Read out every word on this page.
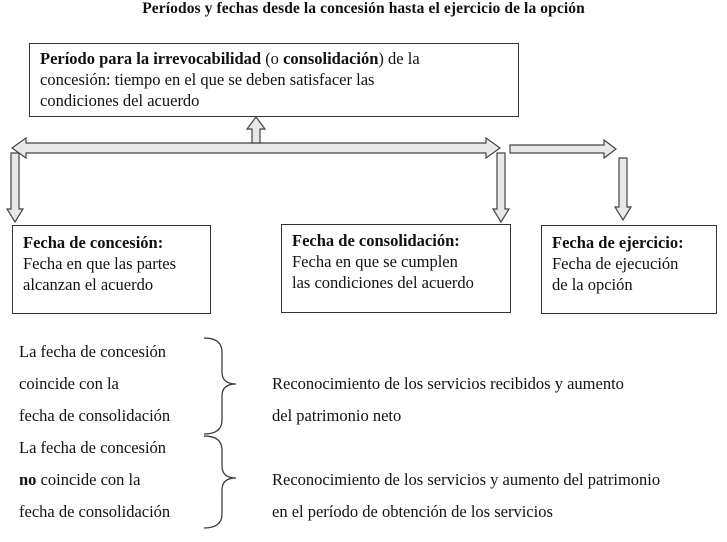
Períodos y fechas desde la concesión hasta el ejercicio de la opción
Período para la irrevocabilidad (o consolidación) de la
concesión: tiempo en el que se deben satisfacer las
condiciones del acuerdo
Fecha de concesión:
Fecha en que las partes
alcanzan el acuerdo
Fecha de consolidación:
Fecha en que se cumplen
las condiciones del acuerdo
Fecha de ejercicio:
Fecha de ejecución
de la opción
La fecha de concesión
coincide con la
fecha de consolidación
Reconocimiento de los servicios recibidos y aumento
del patrimonio neto
La fecha de concesión
no coincide con la
fecha de consolidación
Reconocimiento de los servicios y aumento del patrimonio
en el período de obtención de los servicios
